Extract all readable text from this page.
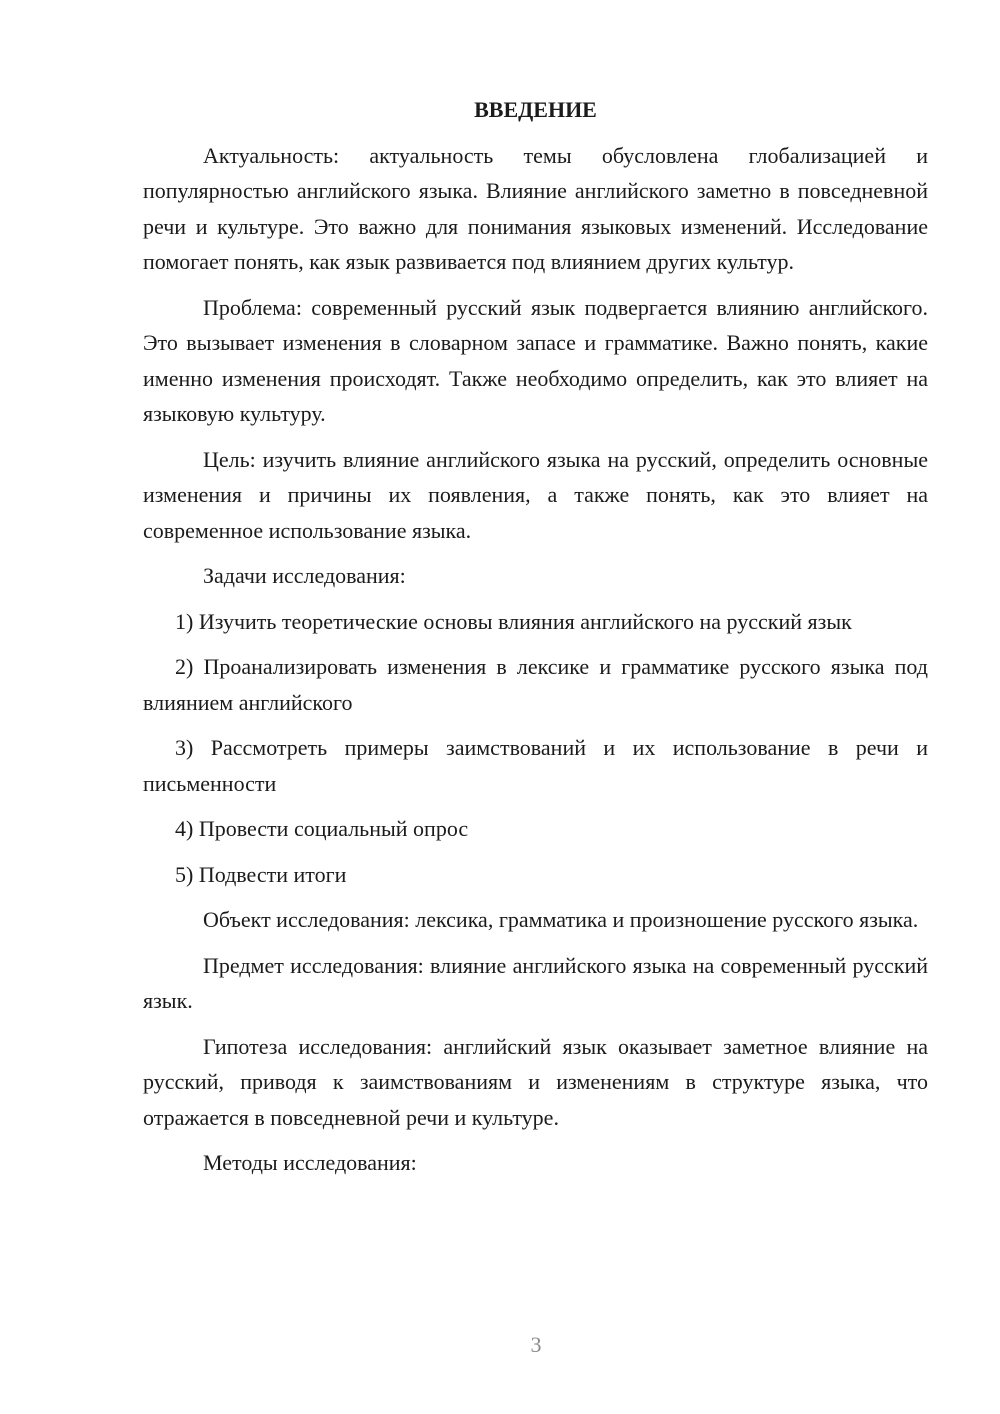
ВВЕДЕНИЕ

Актуальность: актуальность темы обусловлена глобализацией и популярностью английского языка. Влияние английского заметно в повседневной речи и культуре. Это важно для понимания языковых изменений. Исследование помогает понять, как язык развивается под влиянием других культур.

Проблема: современный русский язык подвергается влиянию английского. Это вызывает изменения в словарном запасе и грамматике. Важно понять, какие именно изменения происходят. Также необходимо определить, как это влияет на языковую культуру.

Цель: изучить влияние английского языка на русский, определить основные изменения и причины их появления, а также понять, как это влияет на современное использование языка.

Задачи исследования:

1) Изучить теоретические основы влияния английского на русский язык

2) Проанализировать изменения в лексике и грамматике русского языка под влиянием английского

3) Рассмотреть примеры заимствований и их использование в речи и письменности

4) Провести социальный опрос

5) Подвести итоги

Объект исследования: лексика, грамматика и произношение русского языка.

Предмет исследования: влияние английского языка на современный русский язык.

Гипотеза исследования: английский язык оказывает заметное влияние на русский, приводя к заимствованиям и изменениям в структуре языка, что отражается в повседневной речи и культуре.

Методы исследования:

3
